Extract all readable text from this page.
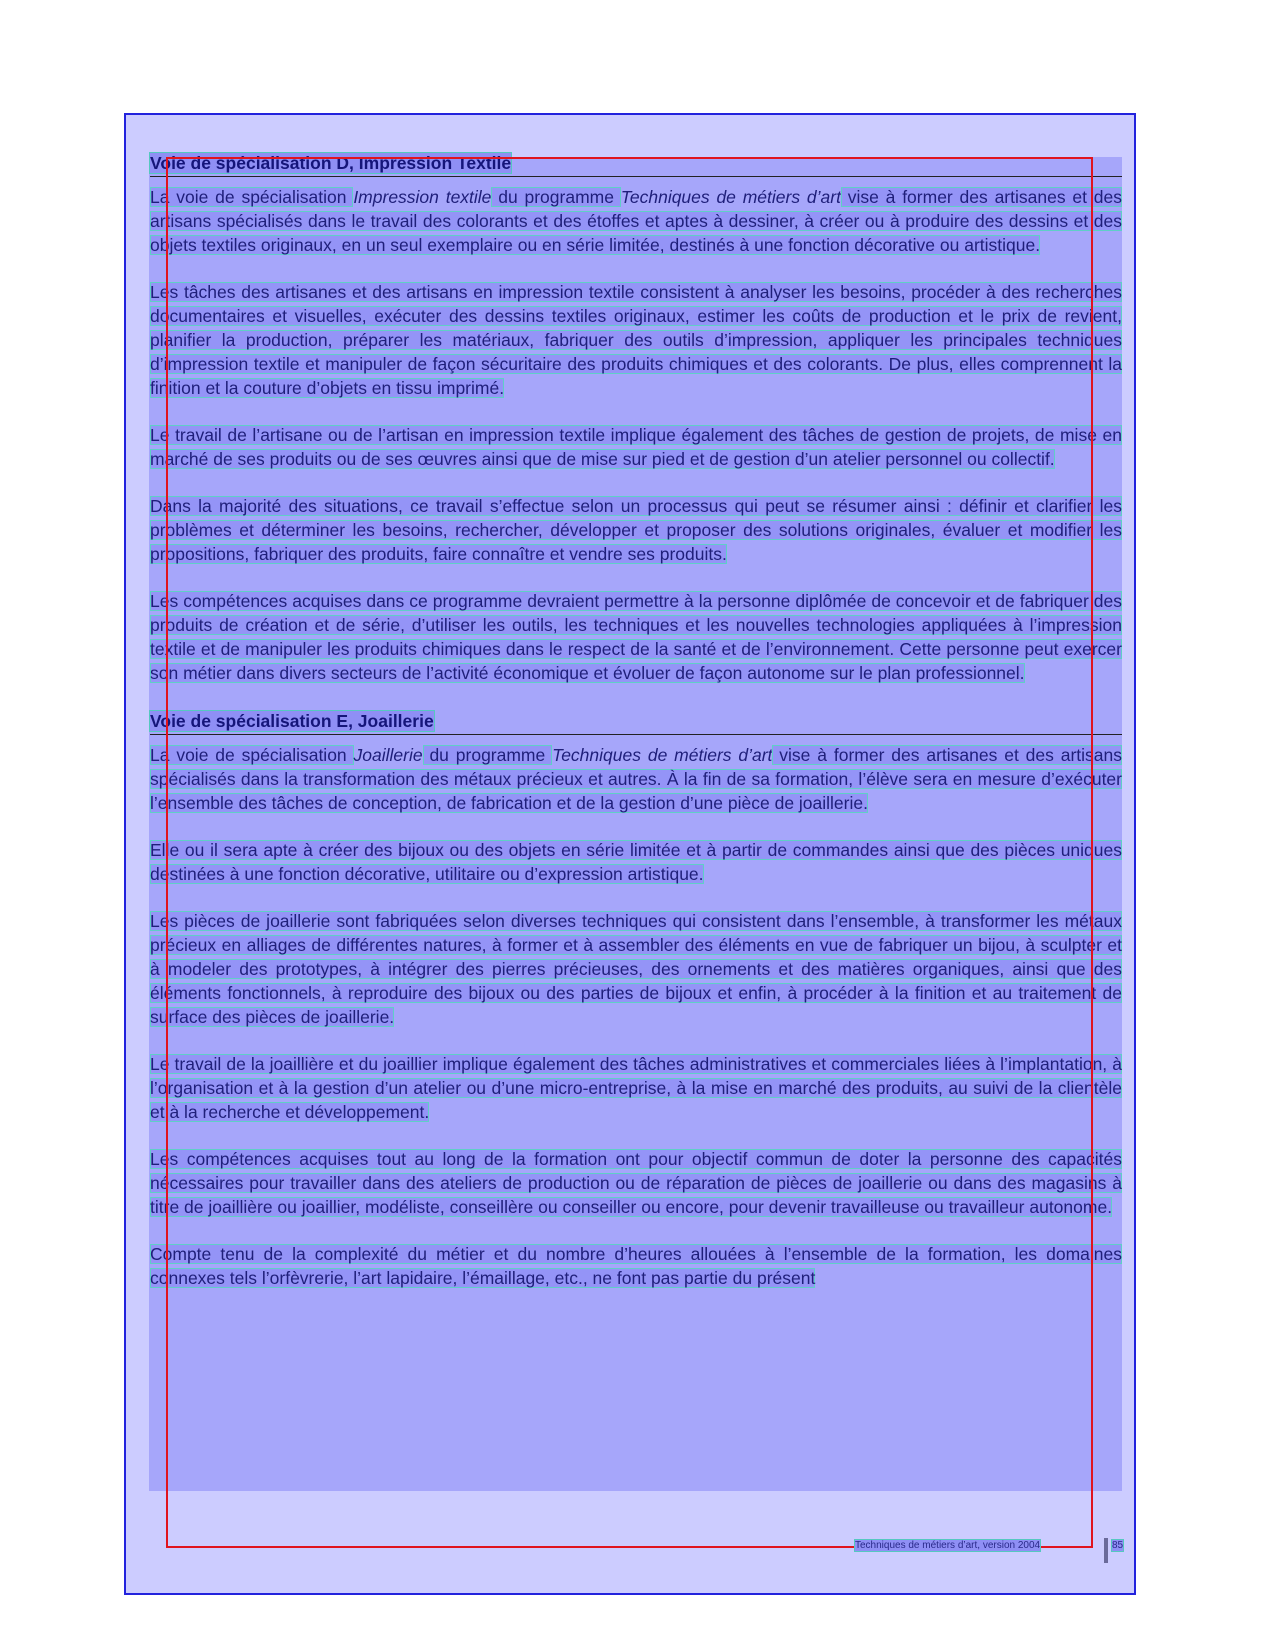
Voie de spécialisation D, Impression Textile

La voie de spécialisation Impression textile du programme Techniques de métiers d’art vise à former des artisanes et des artisans spécialisés dans le travail des colorants et des étoffes et aptes à dessiner, à créer ou à produire des dessins et des objets textiles originaux, en un seul exemplaire ou en série limitée, destinés à une fonction décorative ou artistique.

Les tâches des artisanes et des artisans en impression textile consistent à analyser les besoins, procéder à des recherches documentaires et visuelles, exécuter des dessins textiles originaux, estimer les coûts de production et le prix de revient, planifier la production, préparer les matériaux, fabriquer des outils d’impression, appliquer les principales techniques d’impression textile et manipuler de façon sécuritaire des produits chimiques et des colorants. De plus, elles comprennent la finition et la couture d’objets en tissu imprimé.

Le travail de l’artisane ou de l’artisan en impression textile implique également des tâches de gestion de projets, de mise en marché de ses produits ou de ses œuvres ainsi que de mise sur pied et de gestion d’un atelier personnel ou collectif.

Dans la majorité des situations, ce travail s’effectue selon un processus qui peut se résumer ainsi : définir et clarifier les problèmes et déterminer les besoins, rechercher, développer et proposer des solutions originales, évaluer et modifier les propositions, fabriquer des produits, faire connaître et vendre ses produits.

Les compétences acquises dans ce programme devraient permettre à la personne diplômée de concevoir et de fabriquer des produits de création et de série, d’utiliser les outils, les techniques et les nouvelles technologies appliquées à l’impression textile et de manipuler les produits chimiques dans le respect de la santé et de l’environnement. Cette personne peut exercer son métier dans divers secteurs de l’activité économique et évoluer de façon autonome sur le plan professionnel.

Voie de spécialisation E, Joaillerie

La voie de spécialisation Joaillerie du programme Techniques de métiers d’art vise à former des artisanes et des artisans spécialisés dans la transformation des métaux précieux et autres. À la fin de sa formation, l’élève sera en mesure d’exécuter l’ensemble des tâches de conception, de fabrication et de la gestion d’une pièce de joaillerie.

Elle ou il sera apte à créer des bijoux ou des objets en série limitée et à partir de commandes ainsi que des pièces uniques destinées à une fonction décorative, utilitaire ou d’expression artistique.

Les pièces de joaillerie sont fabriquées selon diverses techniques qui consistent dans l’ensemble, à transformer les métaux précieux en alliages de différentes natures, à former et à assembler des éléments en vue de fabriquer un bijou, à sculpter et à modeler des prototypes, à intégrer des pierres précieuses, des ornements et des matières organiques, ainsi que des éléments fonctionnels, à reproduire des bijoux ou des parties de bijoux et enfin, à procéder à la finition et au traitement de surface des pièces de joaillerie.

Le travail de la joaillière et du joaillier implique également des tâches administratives et commerciales liées à l’implantation, à l’organisation et à la gestion d’un atelier ou d’une micro-entreprise, à la mise en marché des produits, au suivi de la clientèle et à la recherche et développement.

Les compétences acquises tout au long de la formation ont pour objectif commun de doter la personne des capacités nécessaires pour travailler dans des ateliers de production ou de réparation de pièces de joaillerie ou dans des magasins à titre de joaillière ou joaillier, modéliste, conseillère ou conseiller ou encore, pour devenir travailleuse ou travailleur autonome.

Compte tenu de la complexité du métier et du nombre d’heures allouées à l’ensemble de la formation, les domaines connexes tels l’orfèvrerie, l’art lapidaire, l’émaillage, etc., ne font pas partie du présent

Techniques de métiers d’art, version 2004	85
